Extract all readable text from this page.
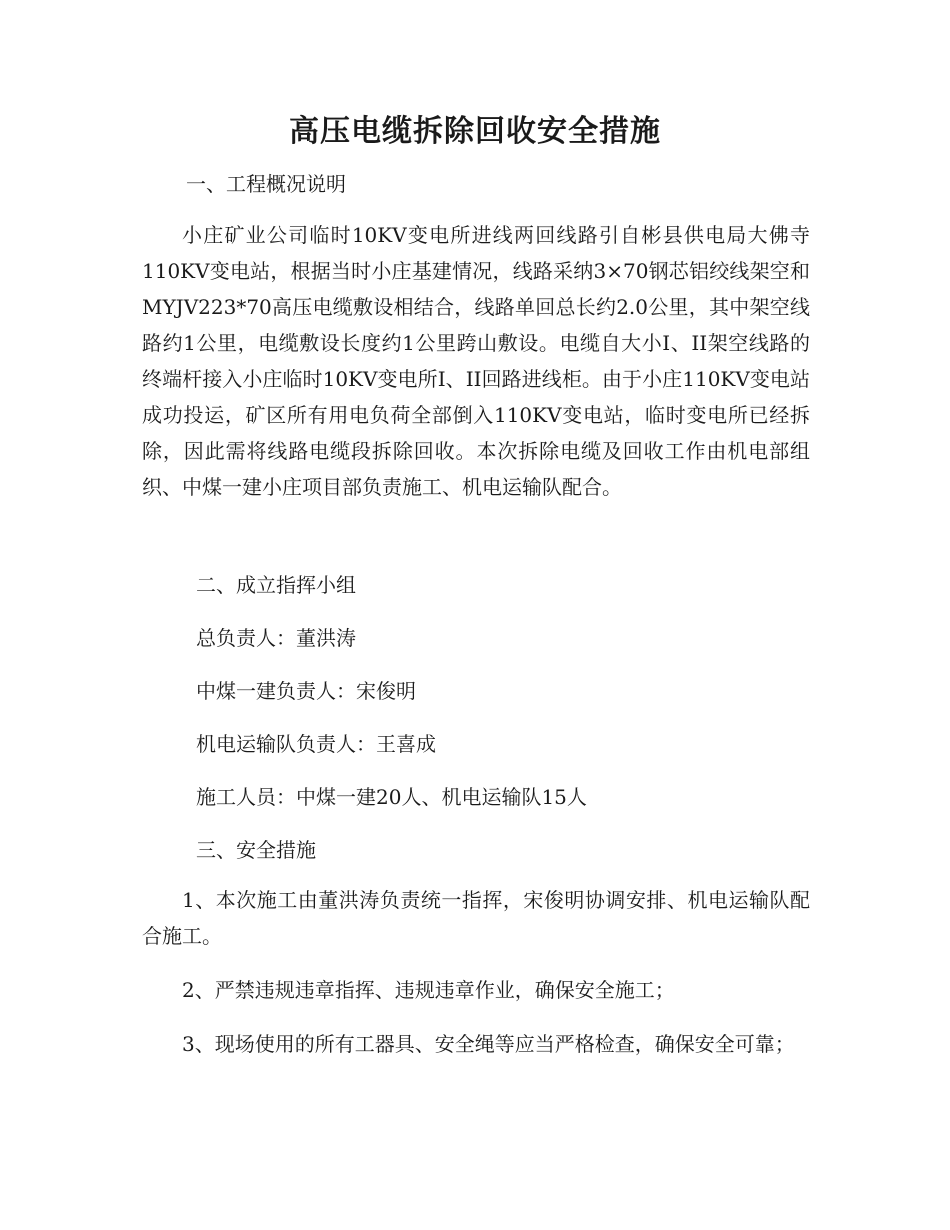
高压电缆拆除回收安全措施
一、工程概况说明

小庄矿业公司临时10KV变电所进线两回线路引自彬县供电局大佛寺110KV变电站，根据当时小庄基建情况，线路采纳3×70钢芯铝绞线架空和MYJV223*70高压电缆敷设相结合，线路单回总长约2.0公里，其中架空线路约1公里，电缆敷设长度约1公里跨山敷设。电缆自大小I、II架空线路的终端杆接入小庄临时10KV变电所I、II回路进线柜。由于小庄110KV变电站成功投运，矿区所有用电负荷全部倒入110KV变电站，临时变电所已经拆除，因此需将线路电缆段拆除回收。本次拆除电缆及回收工作由机电部组织、中煤一建小庄项目部负责施工、机电运输队配合。

二、成立指挥小组
总负责人：董洪涛
中煤一建负责人：宋俊明
机电运输队负责人：王喜成
施工人员：中煤一建20人、机电运输队15人
三、安全措施

1、本次施工由董洪涛负责统一指挥，宋俊明协调安排、机电运输队配合施工。

2、严禁违规违章指挥、违规违章作业，确保安全施工；

3、现场使用的所有工器具、安全绳等应当严格检查，确保安全可靠；
